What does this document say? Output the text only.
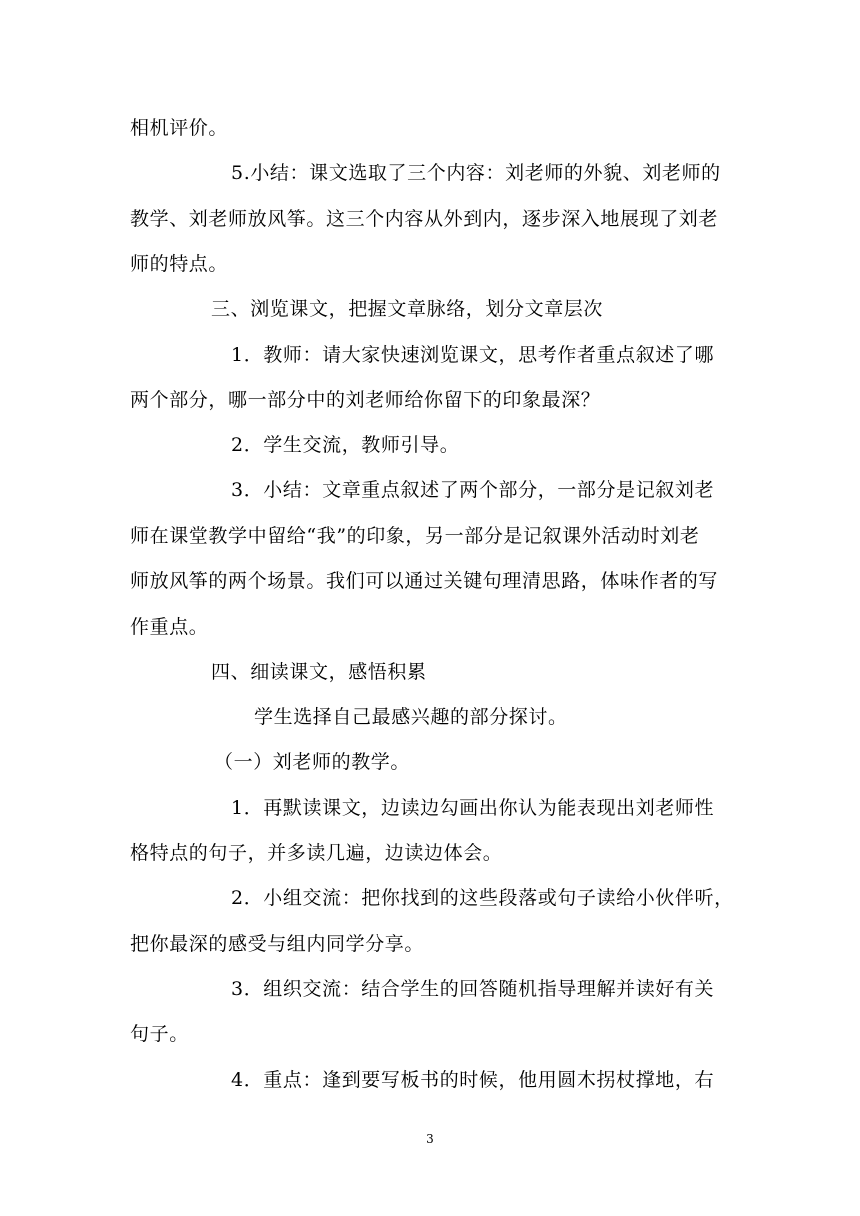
相机评价。
5.小结：课文选取了三个内容：刘老师的外貌、刘老师的
教学、刘老师放风筝。这三个内容从外到内，逐步深入地展现了刘老
师的特点。
三、浏览课文，把握文章脉络，划分文章层次
1．教师：请大家快速浏览课文，思考作者重点叙述了哪
两个部分，哪一部分中的刘老师给你留下的印象最深？
2．学生交流，教师引导。
3．小结：文章重点叙述了两个部分，一部分是记叙刘老
师在课堂教学中留给“我”的印象，另一部分是记叙课外活动时刘老
师放风筝的两个场景。我们可以通过关键句理清思路，体味作者的写
作重点。
四、细读课文，感悟积累
学生选择自己最感兴趣的部分探讨。
（一）刘老师的教学。
1．再默读课文，边读边勾画出你认为能表现出刘老师性
格特点的句子，并多读几遍，边读边体会。
2．小组交流：把你找到的这些段落或句子读给小伙伴听，
把你最深的感受与组内同学分享。
3．组织交流：结合学生的回答随机指导理解并读好有关
句子。
4．重点：逢到要写板书的时候，他用圆木拐杖撑地，右
3
